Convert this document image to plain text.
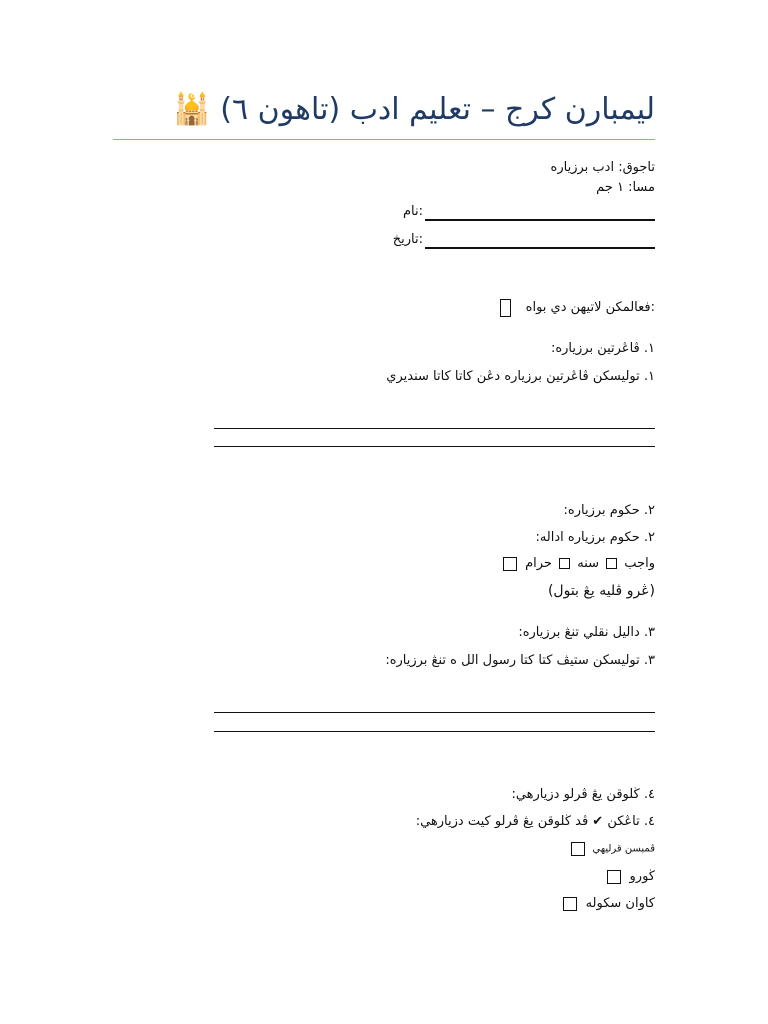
ليمبارن كرج – تعليم ادب (تاهون ٦) 🕌
تاجوق: ادب برزياره
مسا: ١ جم
:نام
:تاريخ
:فعالمكن لاتيهن دي بواه
١. ڤاڠرتين برزياره:
١. توليسكن ڤاڠرتين برزياره دڠن كاتا كاتا سنديري
٢. حكوم برزياره:
٢. حكوم برزياره اداله:
واجب  سنه  حرام
(ڠرو ڤليه يڠ بتول)
٣. داليل نقلي تنڠ برزياره:
٣. توليسكن ستيڤ كتا كتا رسول الل ه تنڠ برزياره:
٤. ڬلوقن يڠ ڤرلو دزيارهي:
٤. تاڠكن ✔ ڤد ڬلوقن يڠ ڤرلو كيت دزيارهي:
ڤمبسن قرليهي
ڬورو
كاوان سكوله
